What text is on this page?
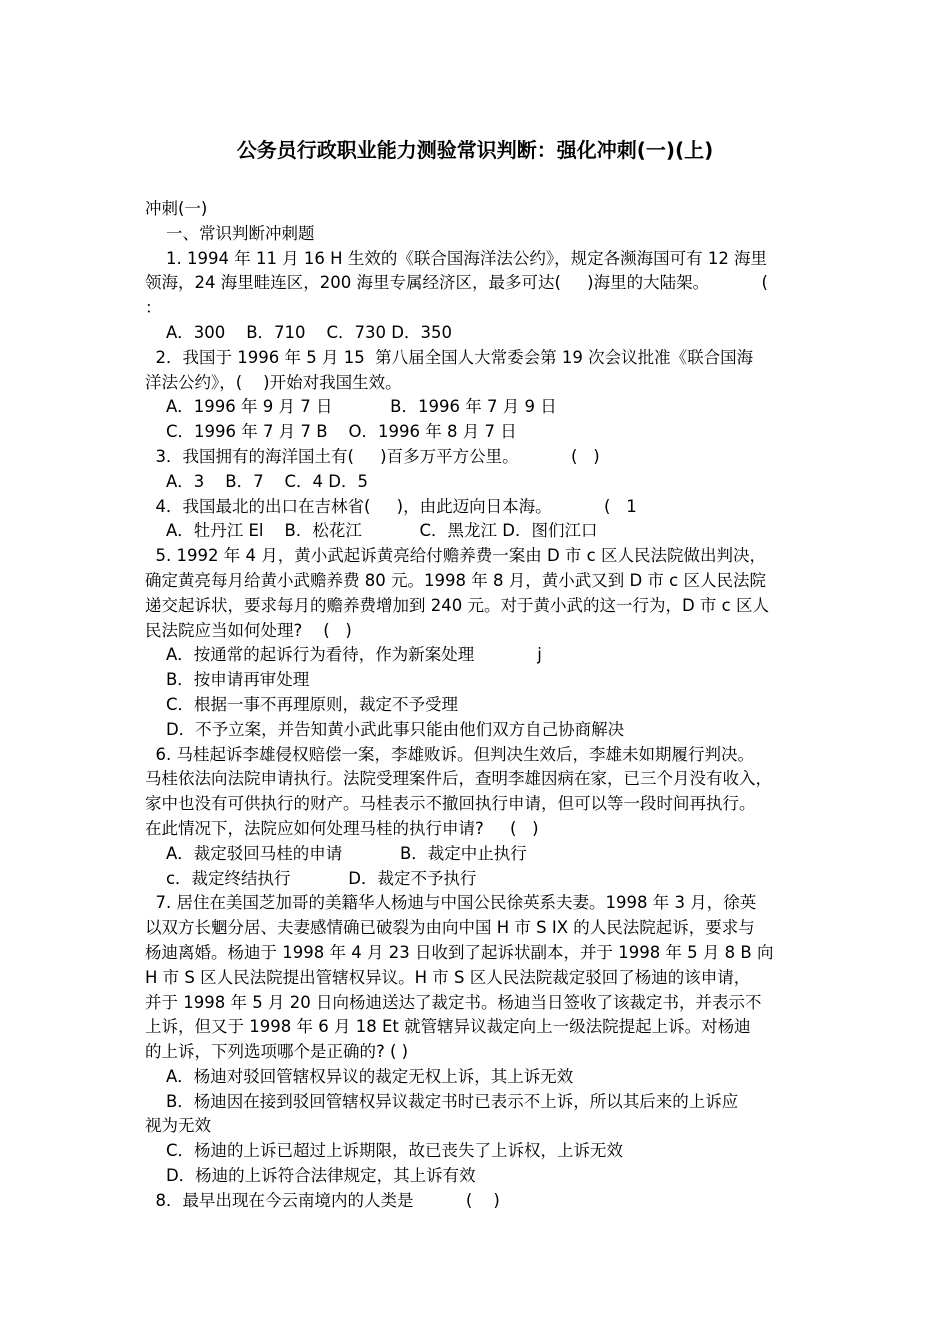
公务员行政职业能力测验常识判断：强化冲刺(一)(上)
冲刺(一)
一、常识判断冲刺题
1. 1994 年 11 月 16 H 生效的《联合国海洋法公约》，规定各濒海国可有 12 海里
领海，24 海里畦连区，200 海里专属经济区，最多可达(     )海里的大陆架。          (
：
A．300    B．710    C．730 D．350
2．我国于 1996 年 5 月 15  第八届全国人大常委会第 19 次会议批准《联合国海
洋法公约》，(    )开始对我国生效。
A．1996 年 9 月 7 日           B．1996 年 7 月 9 日
C．1996 年 7 月 7 B    O．1996 年 8 月 7 日
3．我国拥有的海洋国土有(     )百多万平方公里。          (   )
A．3    B．7    C．4 D．5
4．我国最北的出口在吉林省(     )，由此迈向日本海。          (   1
A．牡丹江 El    B．松花江           C．黑龙江 D．图们江口
5. 1992 年 4 月，黄小武起诉黄亮给付赡养费一案由 D 市 c 区人民法院做出判决，
确定黄亮每月给黄小武赡养费 80 元。1998 年 8 月，黄小武又到 D 市 c 区人民法院
递交起诉状，要求每月的赡养费增加到 240 元。对于黄小武的这一行为，D 市 c 区人
民法院应当如何处理?    (   )
A．按通常的起诉行为看待，作为新案处理            j
B．按申请再审处理
C．根据一事不再理原则，裁定不予受理
D．不予立案，并告知黄小武此事只能由他们双方自己协商解决
6. 马桂起诉李雄侵权赔偿一案，李雄败诉。但判决生效后，李雄未如期履行判决。
马桂依法向法院申请执行。法院受理案件后，查明李雄因病在家，已三个月没有收入，
家中也没有可供执行的财产。马桂表示不撤回执行申请，但可以等一段时间再执行。
在此情况下，法院应如何处理马桂的执行申请?     (   )
A．裁定驳回马桂的申请           B．裁定中止执行
c．裁定终结执行           D．裁定不予执行
7. 居住在美国芝加哥的美籍华人杨迪与中国公民徐英系夫妻。1998 年 3 月，徐英
以双方长魍分居、夫妻感情确已破裂为由向中国 H 市 S IX 的人民法院起诉，要求与
杨迪离婚。杨迪于 1998 年 4 月 23 日收到了起诉状副本，并于 1998 年 5 月 8 B 向
H 市 S 区人民法院提出管辖权异议。H 市 S 区人民法院裁定驳回了杨迪的该申请，
并于 1998 年 5 月 20 日向杨迪送达了裁定书。杨迪当日签收了该裁定书，并表示不
上诉，但又于 1998 年 6 月 18 Et 就管辖异议裁定向上一级法院提起上诉。对杨迪
的上诉，下列选项哪个是正确的? ( )
A．杨迪对驳回管辖权异议的裁定无权上诉，其上诉无效
B．杨迪因在接到驳回管辖权异议裁定书时已表示不上诉，所以其后来的上诉应
视为无效
C．杨迪的上诉已超过上诉期限，故已丧失了上诉权，上诉无效
D．杨迪的上诉符合法律规定，其上诉有效
8．最早出现在今云南境内的人类是          (    )
